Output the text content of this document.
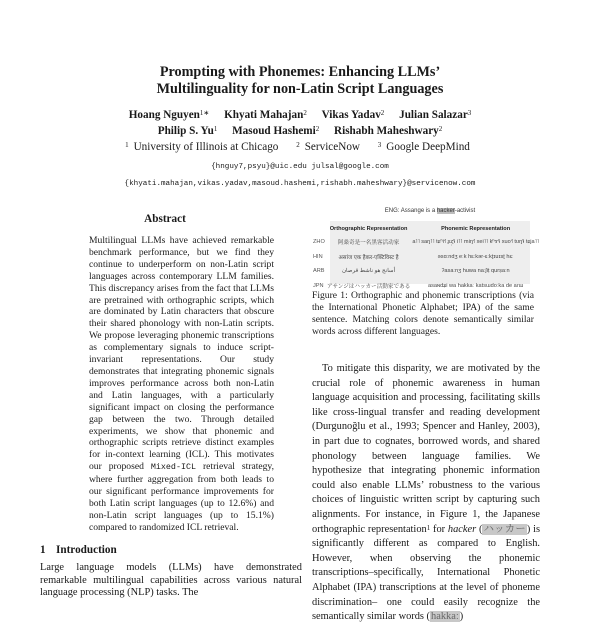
Prompting with Phonemes: Enhancing LLMs’
Multilinguality for non-Latin Script Languages
Hoang Nguyen$^{1∗}$ Khyati Mahajan$^2$ Vikas Yadav$^2$ Julian Salazar$^3$
Philip S. Yu$^1$ Masoud Hashemi$^2$ Rishabh Maheshwary$^2$
$^1$ University of Illinois at Chicago	$^2$ ServiceNow	$^3$ Google DeepMind
{hnguy7,psyu}@uic.edu julsal@google.com
{khyati.mahajan,vikas.yadav,masoud.hashemi,rishabh.maheshwary}@servicenow.com
Abstract
Multilingual LLMs have achieved remarkable benchmark performance, but we find they continue to underperform on non-Latin script languages across contemporary LLM families. This discrepancy arises from the fact that LLMs are pretrained with orthographic scripts, which are dominated by Latin characters that obscure their shared phonology with non-Latin scripts. We propose leveraging phonemic transcriptions as complementary signals to induce script-invariant representations. Our study demonstrates that integrating phonemic signals improves performance across both non-Latin and Latin languages, with a particularly significant impact on closing the performance gap between the two. Through detailed experiments, we show that phonemic and orthographic scripts retrieve distinct examples for in-context learning (ICL). This motivates our proposed Mixed-ICL retrieval strategy, where further aggregation from both leads to our significant performance improvements for both Latin script languages (up to 12.6%) and non-Latin script languages (up to 15.1%) compared to randomized ICL retrieval.
1 Introduction
Large language models (LLMs) have demonstrated remarkable multilingual capabilities across various natural language processing (NLP) tasks. The
ENG: Assange is a hacker-activist
	Orthographic Representation	Phonemic Representation
ZHO	阿桑奇是一名黑客活动家	a˥˥ saŋ˥˥ tɕʰi˧˥ ʂʐ̩˥˩ i˥˥ miŋ˧˥ xei˥˥ kʰɤ˥˩ xuo˧˥ tʊŋ˥˩ tɕja˥˥
HIN	असांज एक हैकर-एक्टिविस्ट है	əsɑːndʒ eːk hɛːkər-ɛːkʈɪʋɪsʈ hɛː
ARB	أسانج هو ناشط قرصان	ʔasaːnʒ huwa naːʃiṭ qurṣaːn
JPN	アサンジはハッカー活動家である	asaɴdʑi wa hakkaː katsɯdoːka de aɾɯ
Figure 1: Orthographic and phonemic transcriptions (via the International Phonetic Alphabet; IPA) of the same sentence. Matching colors denote semantically similar words across different languages.
To mitigate this disparity, we are motivated by the crucial role of phonemic awareness in human language acquisition and processing, facilitating skills like cross-lingual transfer and reading development (Durgunoğlu et al., 1993; Spencer and Hanley, 2003), in part due to cognates, borrowed words, and shared phonology between language families. We hypothesize that integrating phonemic information could also enable LLMs’ robustness to the various choices of linguistic written script by capturing such alignments. For instance, in Figure 1, the Japanese orthographic representation$^1$ for hacker (ハッカー) is significantly different as compared to English. However, when observing the phonemic transcriptions–specifically, International Phonetic Alphabet (IPA) transcriptions at the level of phoneme discrimination– one could easily recognize the semantically similar words (hakkaː)
